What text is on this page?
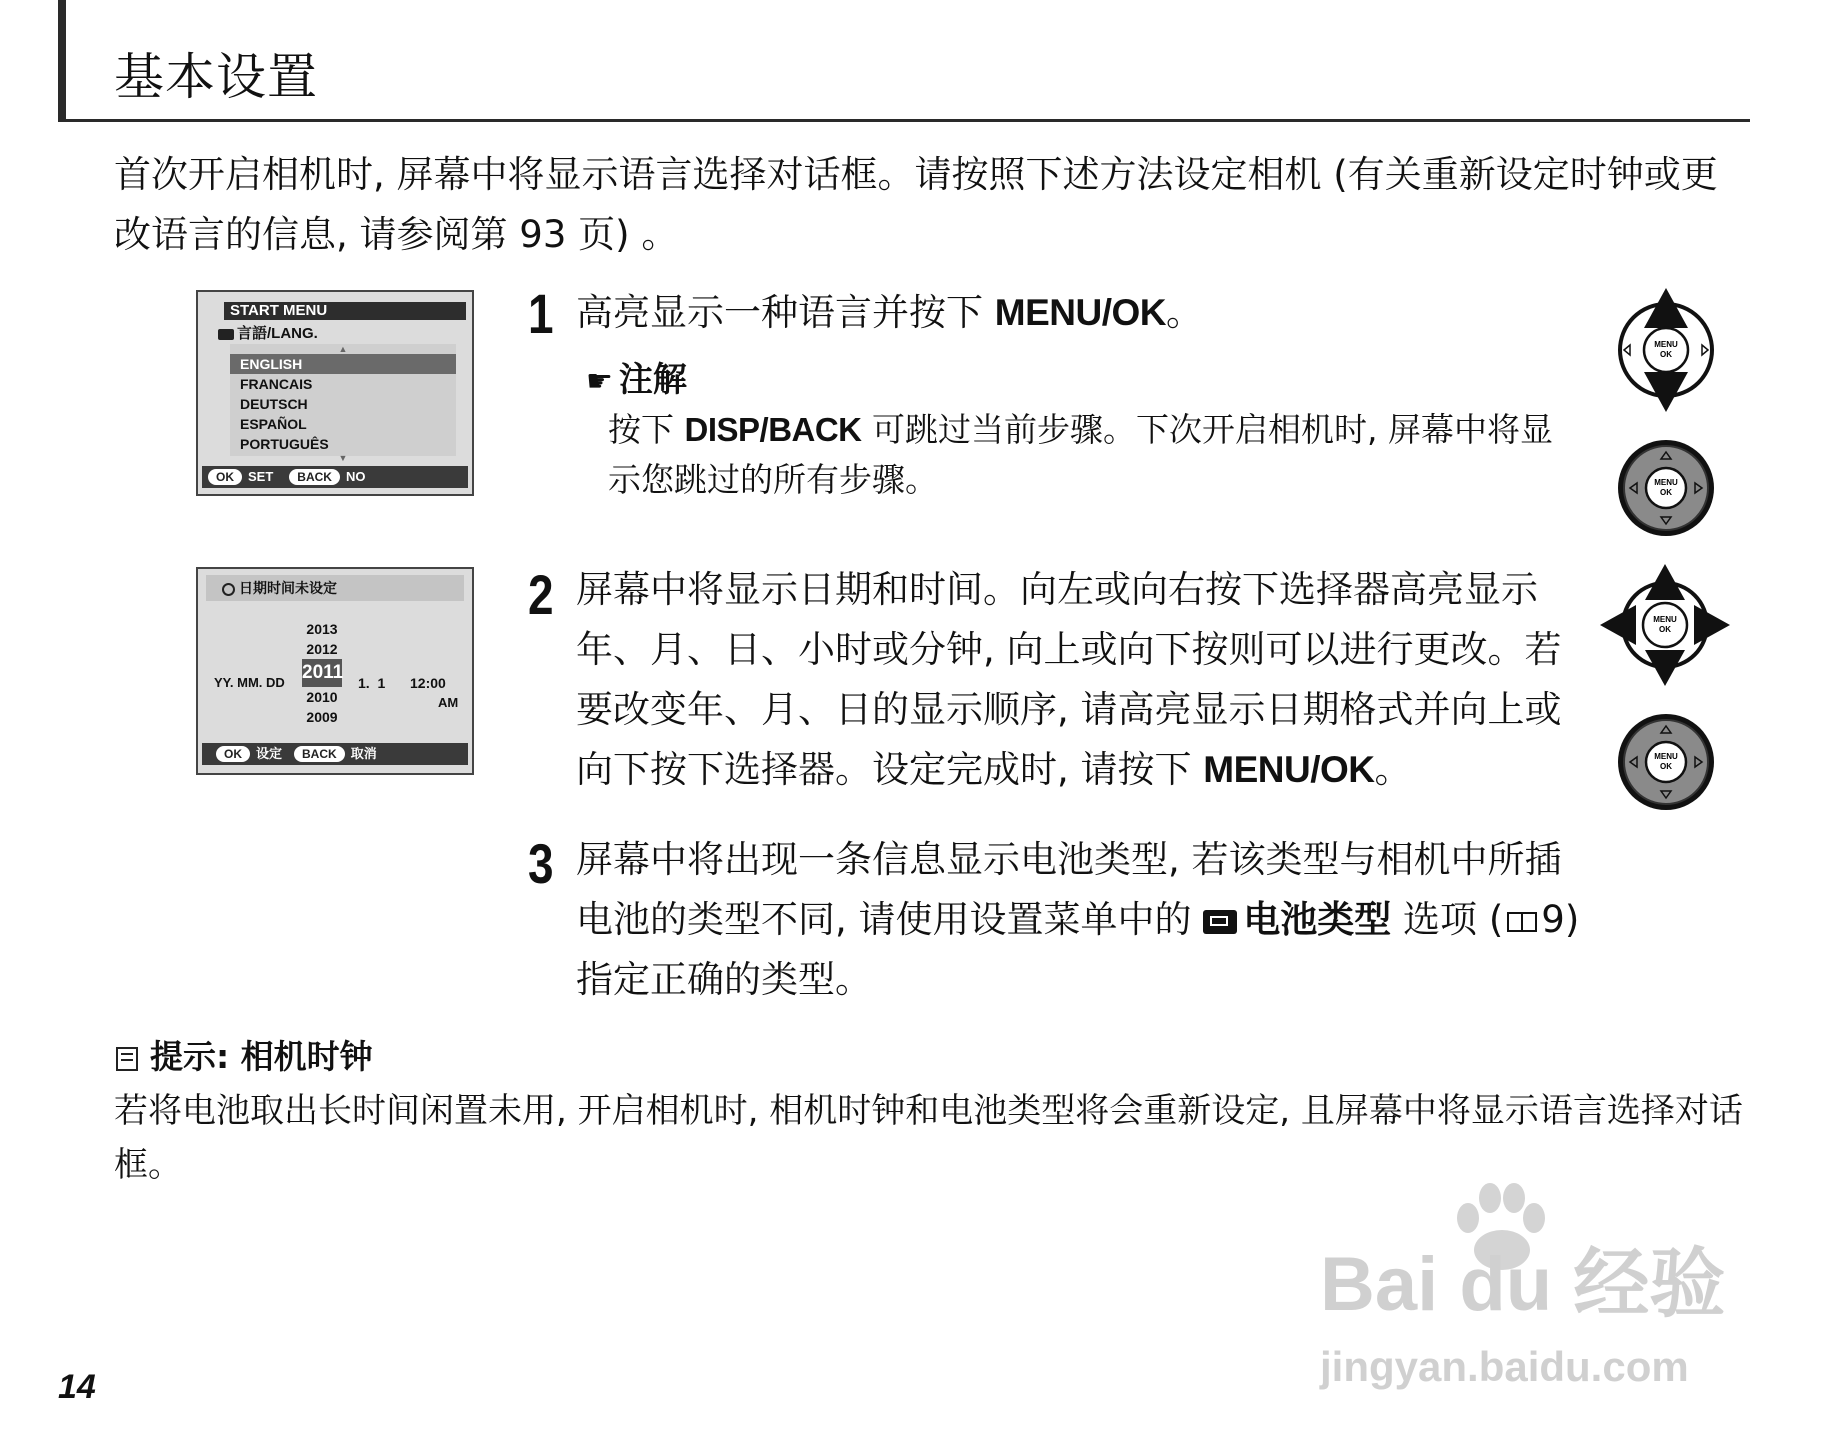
基本设置
首次开启相机时, 屏幕中将显示语言选择对话框。请按照下述方法设定相机 (有关重新设定时钟或更改语言的信息, 请参阅第 93 页) 。
START MENU
言語/LANG.
▲
ENGLISH
FRANCAIS
DEUTSCH
ESPAÑOL
PORTUGUÊS
▼
OK	SET	BACK	NO
日期时间未设定
2013
2012
2011
2010
2009
YY. MM. DD	1.  1 12:00
AM
OK	设定	BACK	取消
1 高亮显示一种语言并按下 MENU/OK。
☛ 注解
按下 DISP/BACK 可跳过当前步骤。下次开启相机时, 屏幕中将显示您跳过的所有步骤。
2 屏幕中将显示日期和时间。向左或向右按下选择器高亮显示年、月、日、小时或分钟, 向上或向下按则可以进行更改。若要改变年、月、日的显示顺序, 请高亮显示日期格式并向上或向下按下选择器。设定完成时, 请按下 MENU/OK。
3 屏幕中将出现一条信息显示电池类型, 若该类型与相机中所插电池的类型不同, 请使用设置菜单中的
电池类型 选项 ( 9) 指定正确的类型。
MENU
OK
MENU
OK
MENU
OK
MENU
OK
提示: 相机时钟
若将电池取出长时间闲置未用, 开启相机时, 相机时钟和电池类型将会重新设定, 且屏幕中将显示语言选择对话框。
14
Bai du 经验
jingyan.baidu.com
